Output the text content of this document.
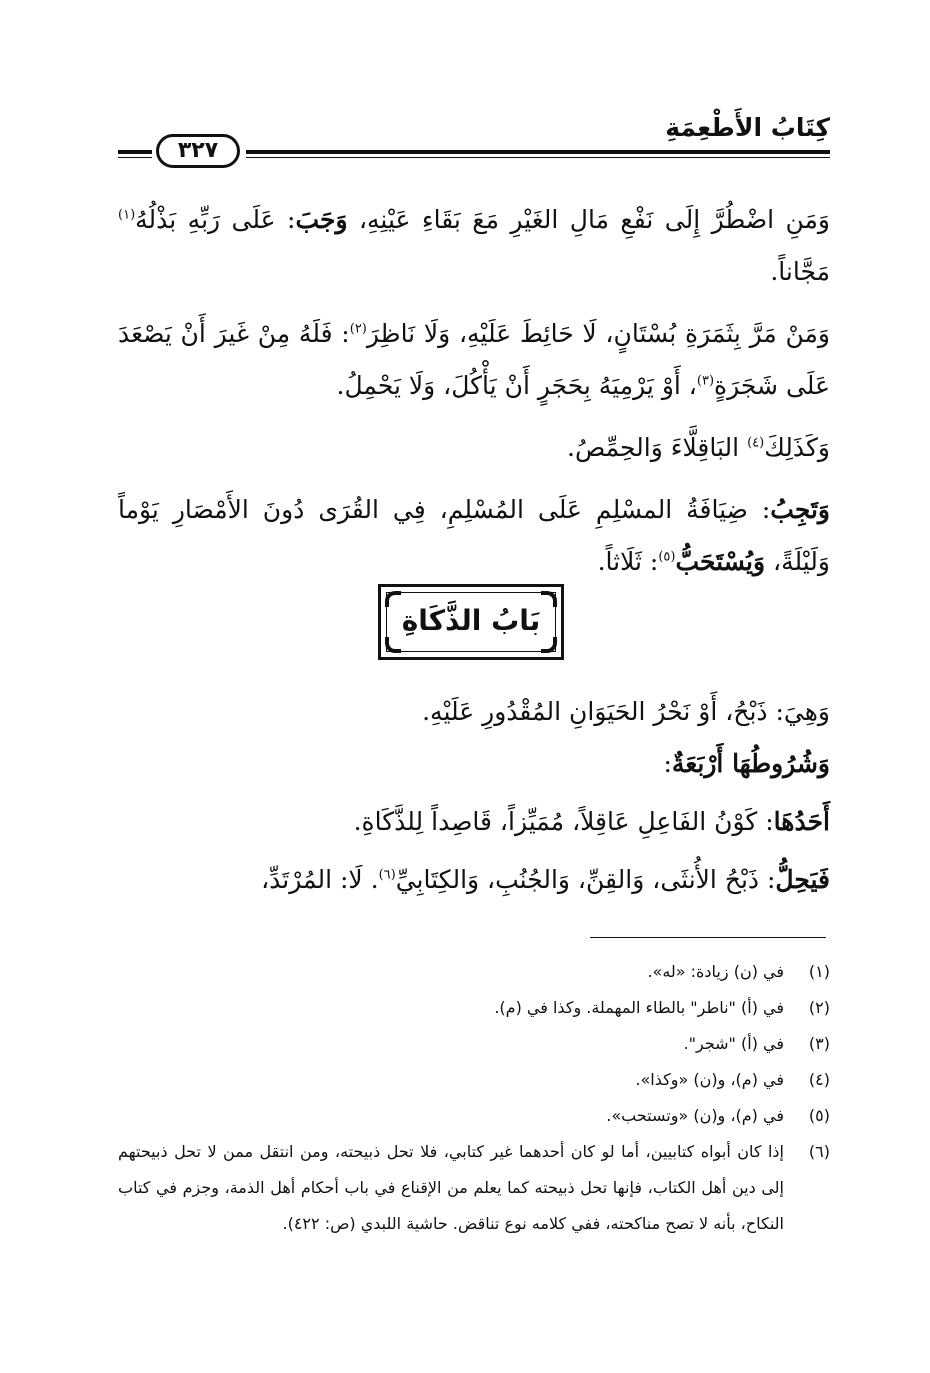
كِتَابُ الأَطْعِمَةِ
٣٢٧

وَمَنِ اضْطُرَّ إِلَى نَفْعِ مَالِ الغَيْرِ مَعَ بَقَاءِ عَيْنِهِ، وَجَبَ: عَلَى رَبِّهِ بَذْلُهُ$^{(١)}$ مَجَّاناً.

وَمَنْ مَرَّ بِثَمَرَةِ بُسْتَانٍ، لَا حَائِطَ عَلَيْهِ، وَلَا نَاظِرَ$^{(٢)}$: فَلَهُ مِنْ غَيرَ أَنْ يَصْعَدَ عَلَى شَجَرَةٍ$^{(٣)}$، أَوْ يَرْمِيَهُ بِحَجَرٍ أَنْ يَأْكُلَ، وَلَا يَحْمِلُ.

وَكَذَلِكَ$^{(٤)}$ البَاقِلَّاءَ وَالحِمِّصُ.

وَتَجِبُ: ضِيَافَةُ المسْلِمِ عَلَى المُسْلِمِ، فِي القُرَى دُونَ الأَمْصَارِ يَوْماً وَلَيْلَةً، وَيُسْتَحَبُّ$^{(٥)}$: ثَلَاثاً.

بَابُ الذَّكَاةِ

وَهِيَ: ذَبْحُ، أَوْ نَحْرُ الحَيَوَانِ المُقْدُورِ عَلَيْهِ.

وَشُرُوطُهَا أَرْبَعَةٌ:

أَحَدُهَا: كَوْنُ الفَاعِلِ عَاقِلاً، مُمَيِّزاً، قَاصِداً لِلذَّكَاةِ.

فَيَحِلُّ: ذَبْحُ الأُنثَى، وَالقِنِّ، وَالجُنُبِ، وَالكِتَابِيِّ$^{(٦)}$. لَا: المُرْتَدِّ،

(١)
في (ن) زيادة: «له».
(٢)
في (أ) "ناطر" بالطاء المهملة. وكذا في (م).
(٣)
في (أ) "شجر".
(٤)
في (م)، و(ن) «وكذا».
(٥)
في (م)، و(ن) «وتستحب».
(٦)
إذا كان أبواه كتابيين، أما لو كان أحدهما غير كتابي، فلا تحل ذبيحته، ومن انتقل ممن لا تحل ذبيحتهم إلى دين أهل الكتاب، فإنها تحل ذبيحته كما يعلم من الإقناع في باب أحكام أهل الذمة، وجزم في كتاب النكاح، بأنه لا تصح مناكحته، ففي كلامه نوع تناقض. حاشية اللبدي (ص: ٤٢٢).
